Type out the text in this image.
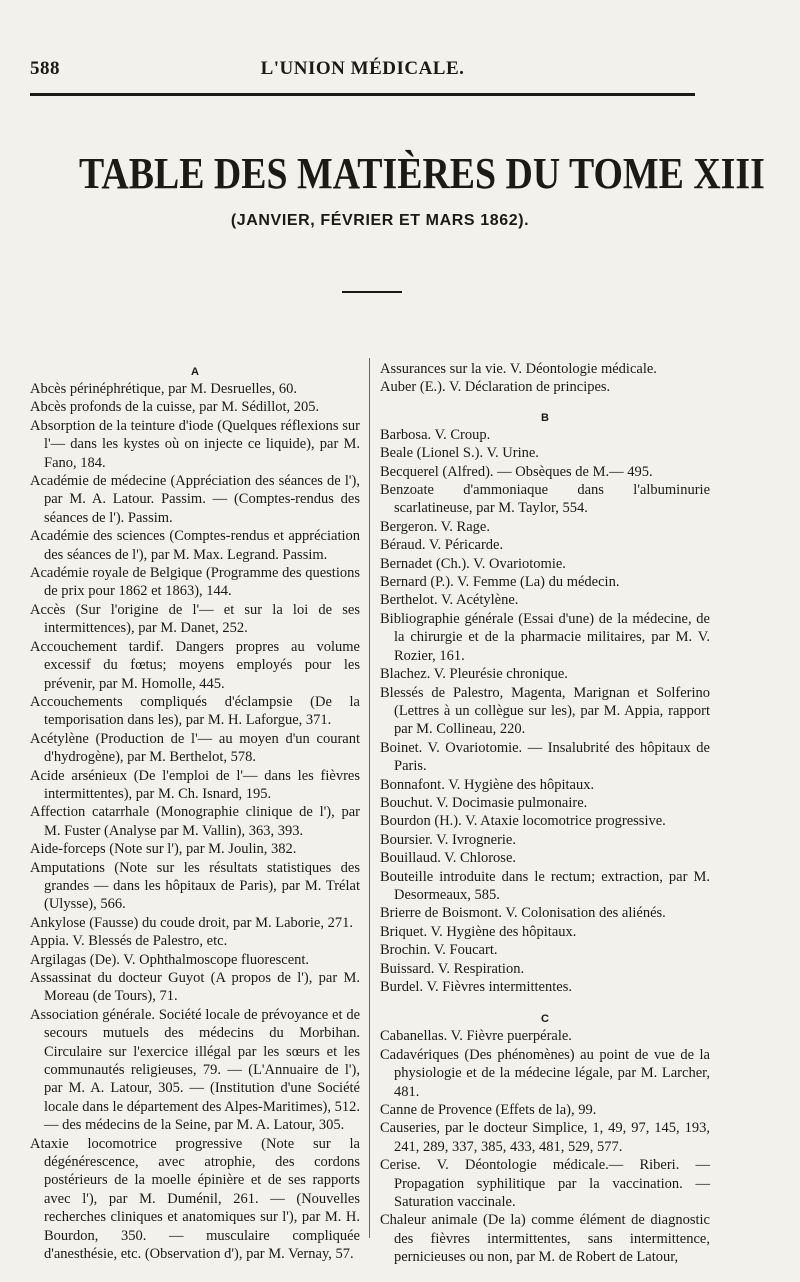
588	L'UNION MÉDICALE.
TABLE DES MATIÈRES DU TOME XIII
(JANVIER, FÉVRIER ET MARS 1862).
A

Abcès périnéphrétique, par M. Desruelles, 60.

Abcès profonds de la cuisse, par M. Sédillot, 205.

Absorption de la teinture d'iode (Quelques réflexions sur l'— dans les kystes où on injecte ce liquide), par M. Fano, 184.

Académie de médecine (Appréciation des séances de l'), par M. A. Latour. Passim. — (Comptes-rendus des séances de l'). Passim.

Académie des sciences (Comptes-rendus et appréciation des séances de l'), par M. Max. Legrand. Passim.

Académie royale de Belgique (Programme des questions de prix pour 1862 et 1863), 144.

Accès (Sur l'origine de l'— et sur la loi de ses intermittences), par M. Danet, 252.

Accouchement tardif. Dangers propres au volume excessif du fœtus; moyens employés pour les prévenir, par M. Homolle, 445.

Accouchements compliqués d'éclampsie (De la temporisation dans les), par M. H. Laforgue, 371.

Acétylène (Production de l'— au moyen d'un courant d'hydrogène), par M. Berthelot, 578.

Acide arsénieux (De l'emploi de l'— dans les fièvres intermittentes), par M. Ch. Isnard, 195.

Affection catarrhale (Monographie clinique de l'), par M. Fuster (Analyse par M. Vallin), 363, 393.

Aide-forceps (Note sur l'), par M. Joulin, 382.

Amputations (Note sur les résultats statistiques des grandes — dans les hôpitaux de Paris), par M. Trélat (Ulysse), 566.

Ankylose (Fausse) du coude droit, par M. Laborie, 271.

Appia. V. Blessés de Palestro, etc.

Argilagas (De). V. Ophthalmoscope fluorescent.

Assassinat du docteur Guyot (A propos de l'), par M. Moreau (de Tours), 71.

Association générale. Société locale de prévoyance et de secours mutuels des médecins du Morbihan. Circulaire sur l'exercice illégal par les sœurs et les communautés religieuses, 79. — (L'Annuaire de l'), par M. A. Latour, 305. — (Institution d'une Société locale dans le département des Alpes-Maritimes), 512. — des médecins de la Seine, par M. A. Latour, 305.

Ataxie locomotrice progressive (Note sur la dégénérescence, avec atrophie, des cordons postérieurs de la moelle épinière et de ses rapports avec l'), par M. Duménil, 261. — (Nouvelles recherches cliniques et anatomiques sur l'), par M. H. Bourdon, 350. — musculaire compliquée d'anesthésie, etc. (Observation d'), par M. Vernay, 57.

Assurances sur la vie. V. Déontologie médicale.

Auber (E.). V. Déclaration de principes.

B

Barbosa. V. Croup.

Beale (Lionel S.). V. Urine.

Becquerel (Alfred). — Obsèques de M.— 495.

Benzoate d'ammoniaque dans l'albuminurie scarlatineuse, par M. Taylor, 554.

Bergeron. V. Rage.

Béraud. V. Péricarde.

Bernadet (Ch.). V. Ovariotomie.

Bernard (P.). V. Femme (La) du médecin.

Berthelot. V. Acétylène.

Bibliographie générale (Essai d'une) de la médecine, de la chirurgie et de la pharmacie militaires, par M. V. Rozier, 161.

Blachez. V. Pleurésie chronique.

Blessés de Palestro, Magenta, Marignan et Solferino (Lettres à un collègue sur les), par M. Appia, rapport par M. Collineau, 220.

Boinet. V. Ovariotomie. — Insalubrité des hôpitaux de Paris.

Bonnafont. V. Hygiène des hôpitaux.

Bouchut. V. Docimasie pulmonaire.

Bourdon (H.). V. Ataxie locomotrice progressive.

Boursier. V. Ivrognerie.

Bouillaud. V. Chlorose.

Bouteille introduite dans le rectum; extraction, par M. Desormeaux, 585.

Brierre de Boismont. V. Colonisation des aliénés.

Briquet. V. Hygiène des hôpitaux.

Brochin. V. Foucart.

Buissard. V. Respiration.

Burdel. V. Fièvres intermittentes.

C

Cabanellas. V. Fièvre puerpérale.

Cadavériques (Des phénomènes) au point de vue de la physiologie et de la médecine légale, par M. Larcher, 481.

Canne de Provence (Effets de la), 99.

Causeries, par le docteur Simplice, 1, 49, 97, 145, 193, 241, 289, 337, 385, 433, 481, 529, 577.

Cerise. V. Déontologie médicale.— Riberi. — Propagation syphilitique par la vaccination. — Saturation vaccinale.

Chaleur animale (De la) comme élément de diagnostic des fièvres intermittentes, sans intermittence, pernicieuses ou non, par M. de Robert de Latour,
